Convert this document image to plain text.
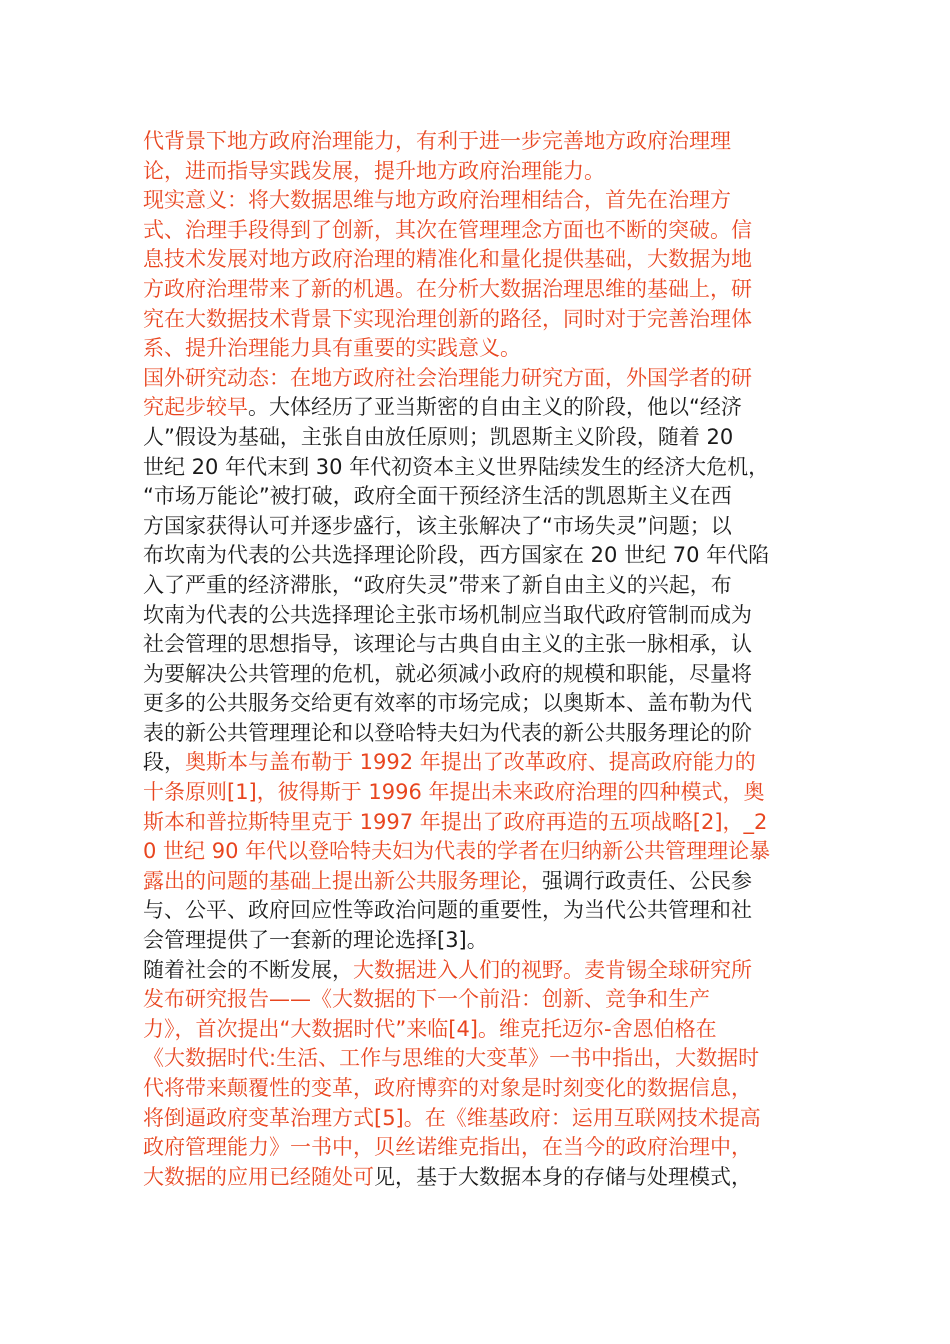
代背景下地方政府治理能力，有利于进一步完善地方政府治理理
论，进而指导实践发展，提升地方政府治理能力。
现实意义：将大数据思维与地方政府治理相结合，首先在治理方
式、治理手段得到了创新，其次在管理理念方面也不断的突破。信
息技术发展对地方政府治理的精准化和量化提供基础，大数据为地
方政府治理带来了新的机遇。在分析大数据治理思维的基础上，研
究在大数据技术背景下实现治理创新的路径，同时对于完善治理体
系、提升治理能力具有重要的实践意义。
国外研究动态：在地方政府社会治理能力研究方面，外国学者的研
究起步较早。大体经历了亚当斯密的自由主义的阶段，他以“经济
人”假设为基础，主张自由放任原则；凯恩斯主义阶段，随着 20
世纪 20 年代末到 30 年代初资本主义世界陆续发生的经济大危机，
“市场万能论”被打破，政府全面干预经济生活的凯恩斯主义在西
方国家获得认可并逐步盛行，该主张解决了“市场失灵”问题；以
布坎南为代表的公共选择理论阶段，西方国家在 20 世纪 70 年代陷
入了严重的经济滞胀，“政府失灵”带来了新自由主义的兴起，布
坎南为代表的公共选择理论主张市场机制应当取代政府管制而成为
社会管理的思想指导，该理论与古典自由主义的主张一脉相承，认
为要解决公共管理的危机，就必须减小政府的规模和职能，尽量将
更多的公共服务交给更有效率的市场完成；以奥斯本、盖布勒为代
表的新公共管理理论和以登哈特夫妇为代表的新公共服务理论的阶
段，奥斯本与盖布勒于 1992 年提出了改革政府、提高政府能力的
十条原则[1]，彼得斯于 1996 年提出未来政府治理的四种模式，奥
斯本和普拉斯特里克于 1997 年提出了政府再造的五项战略[2]，_2
0 世纪 90 年代以登哈特夫妇为代表的学者在归纳新公共管理理论暴
露出的问题的基础上提出新公共服务理论，强调行政责任、公民参
与、公平、政府回应性等政治问题的重要性，为当代公共管理和社
会管理提供了一套新的理论选择[3]。
随着社会的不断发展，大数据进入人们的视野。麦肯锡全球研究所
发布研究报告——《大数据的下一个前沿：创新、竞争和生产
力》，首次提出“大数据时代”来临[4]。维克托迈尔-舍恩伯格在
《大数据时代:生活、工作与思维的大变革》一书中指出，大数据时
代将带来颠覆性的变革，政府博弈的对象是时刻变化的数据信息，
将倒逼政府变革治理方式[5]。在《维基政府：运用互联网技术提高
政府管理能力》一书中，贝丝诺维克指出，在当今的政府治理中，
大数据的应用已经随处可见，基于大数据本身的存储与处理模式，
